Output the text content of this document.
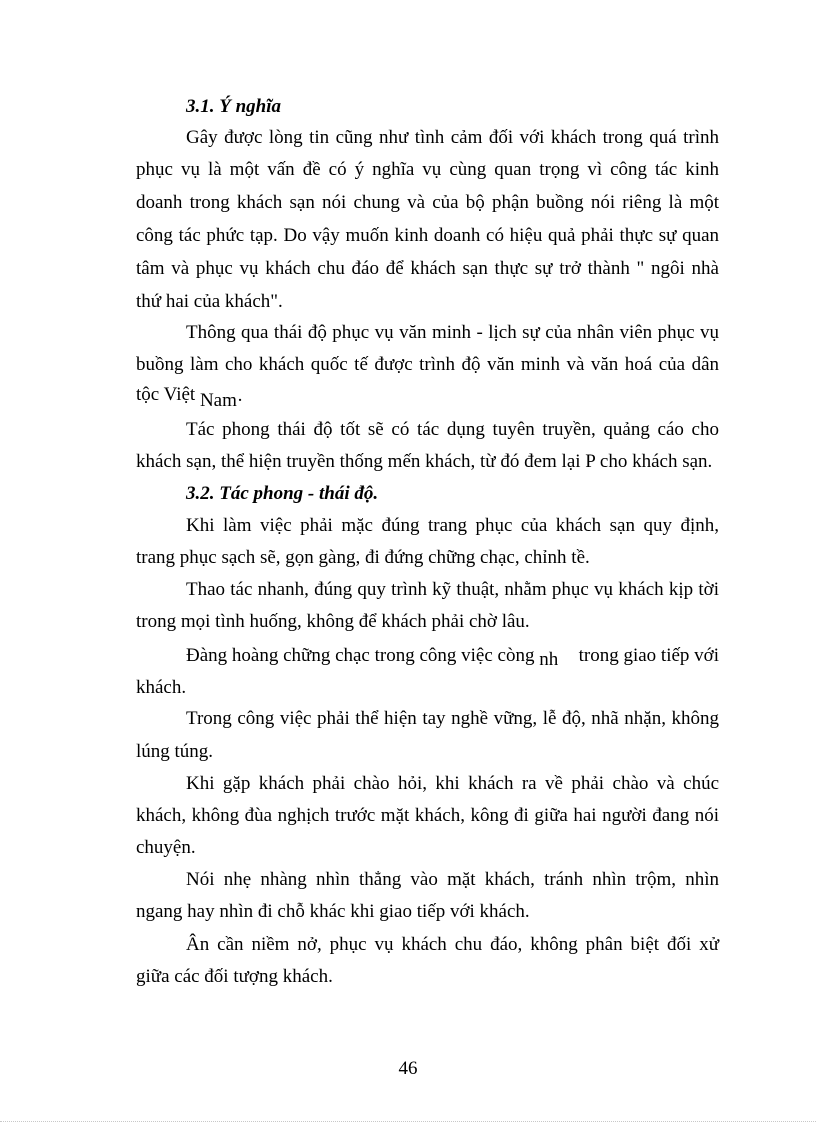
3.1. Ý nghĩa
Gây được lòng tin cũng như tình cảm đối với khách trong quá trình
phục vụ là một vấn đề có ý nghĩa vụ cùng quan trọng vì công tác kinh
doanh trong khách sạn nói chung và của bộ phận buồng nói riêng là một
công tác phức tạp. Do vậy muốn kinh doanh có hiệu quả phải thực sự quan
tâm và phục vụ khách chu đáo để khách sạn thực sự trở thành " ngôi nhà
thứ hai của khách".
Thông qua thái độ phục vụ văn minh - lịch sự của nhân viên phục vụ
buồng làm cho khách quốc tế được trình độ văn minh và văn hoá của dân
tộc Việt Nam·
Tác phong thái độ tốt sẽ có tác dụng tuyên truyền, quảng cáo cho
khách sạn, thể hiện truyền thống mến khách, từ đó đem lại P cho khách sạn.
3.2. Tác phong - thái độ.
Khi làm việc phải mặc đúng trang phục của khách sạn quy định,
trang phục sạch sẽ, gọn gàng, đi đứng chững chạc, chỉnh tề.
Thao tác nhanh, đúng quy trình kỹ thuật, nhằm phục vụ khách kịp tời
trong mọi tình huống, không để khách phải chờ lâu.
Đàng hoàng chững chạc trong công việc còng nh trong giao tiếp với
khách.
Trong công việc phải thể hiện tay nghề vững, lễ độ, nhã nhặn, không
lúng túng.
Khi gặp khách phải chào hỏi, khi khách ra về phải chào và chúc
khách, không đùa nghịch trước mặt khách, kông đi giữa hai người đang nói
chuyện.
Nói nhẹ nhàng nhìn thẳng vào mặt khách, tránh nhìn trộm, nhìn
ngang hay nhìn đi chỗ khác khi giao tiếp với khách.
Ân cần niềm nở, phục vụ khách chu đáo, không phân biệt đối xử
giữa các đối tượng khách.
46
